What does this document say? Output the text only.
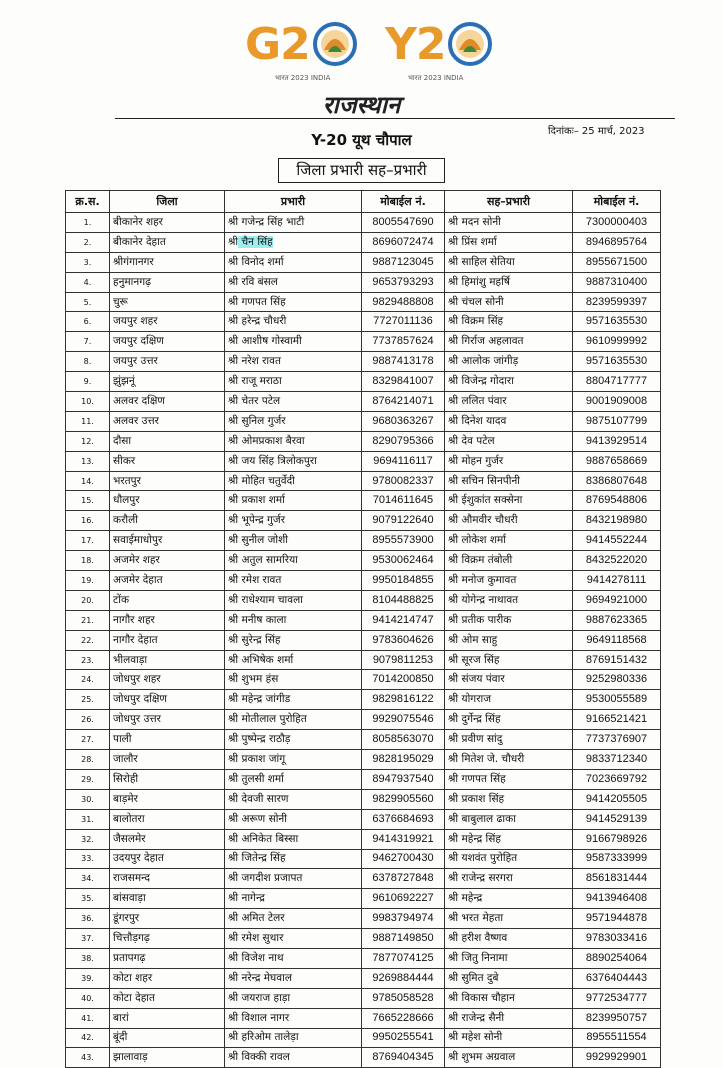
G2
भारत 2023 INDIA
Y2
भारत 2023 INDIA
राजस्थान
दिनांकः– 25 मार्च, 2023
Y-20 यूथ चौपाल
जिला प्रभारी सह–प्रभारी
क्र.स.	जिला	प्रभारी	मोबाईल नं.	सह–प्रभारी	मोबाईल नं.
1.	बीकानेर शहर	श्री गजेन्द्र सिंह भाटी	8005547690	श्री मदन सोनी	7300000403
2.	बीकानेर देहात	श्री चैन सिंह	8696072474	श्री प्रिंस शर्मा	8946895764
3.	श्रीगंगानगर	श्री विनोद शर्मा	9887123045	श्री साहिल सेतिया	8955671500
4.	हनुमानगढ़	श्री रवि बंसल	9653793293	श्री हिमांशु महर्षि	9887310400
5.	चुरू	श्री गणपत सिंह	9829488808	श्री चंचल सोनी	8239599397
6.	जयपुर शहर	श्री हरेन्द्र चौधरी	7727011136	श्री विक्रम सिंह	9571635530
7.	जयपुर दक्षिण	श्री आशीष गोस्वामी	7737857624	श्री गिर्राज अहलावत	9610999992
8.	जयपुर उत्तर	श्री नरेश रावत	9887413178	श्री आलोक जांगीड़	9571635530
9.	झुंझनूं	श्री राजू मराठा	8329841007	श्री विजेन्द्र गोदारा	8804717777
10.	अलवर दक्षिण	श्री चेतर पटेल	8764214071	श्री ललित पंवार	9001909008
11.	अलवर उत्तर	श्री सुनिल गुर्जर	9680363267	श्री दिनेश यादव	9875107799
12.	दौसा	श्री ओमप्रकाश बैरवा	8290795366	श्री देव पटेल	9413929514
13.	सीकर	श्री जय सिंह त्रिलोकपुरा	9694116117	श्री मोहन गुर्जर	9887658669
14.	भरतपुर	श्री मोहित चतुर्वेदी	9780082337	श्री सचिन सिनपीनी	8386807648
15.	धौलपुर	श्री प्रकाश शर्मा	7014611645	श्री ईशुकांत सक्सेना	8769548806
16.	करौली	श्री भूपेन्द्र गुर्जर	9079122640	श्री औमवीर चौधरी	8432198980
17.	सवाईमाधोपुर	श्री सुनील जोशी	8955573900	श्री लोकेश शर्मा	9414552244
18.	अजमेर शहर	श्री अतुल सामरिया	9530062464	श्री विक्रम तंबोली	8432522020
19.	अजमेर देहात	श्री रमेश रावत	9950184855	श्री मनोज कुमावत	9414278111
20.	टोंक	श्री राधेश्याम चावला	8104488825	श्री योगेन्द्र नाथावत	9694921000
21.	नागौर शहर	श्री मनीष काला	9414214747	श्री प्रतीक पारीक	9887623365
22.	नागौर देहात	श्री सुरेन्द्र सिंह	9783604626	श्री ओम साहु	9649118568
23.	भीलवाड़ा	श्री अभिषेक शर्मा	9079811253	श्री सूरज सिंह	8769151432
24.	जोधपुर शहर	श्री शुभम हंस	7014200850	श्री संजय पंवार	9252980336
25.	जोधपुर दक्षिण	श्री महेन्द्र जांगीड	9829816122	श्री योगराज	9530055589
26.	जोधपुर उत्तर	श्री मोतीलाल पुरोहित	9929075546	श्री दुर्गेन्द्र सिंह	9166521421
27.	पाली	श्री पुष्पेन्द्र राठौड़	8058563070	श्री प्रवीण सांदु	7737376907
28.	जालौर	श्री प्रकाश जांगू	9828195029	श्री मितेश जे. चौधरी	9833712340
29.	सिरोही	श्री तुलसी शर्मा	8947937540	श्री गणपत सिंह	7023669792
30.	बाड़मेर	श्री देवजी सारण	9829905560	श्री प्रकाश सिंह	9414205505
31.	बालोतरा	श्री अरूण सोनी	6376684693	श्री बाबुलाल ढाका	9414529139
32.	जैसलमेर	श्री अनिकेत बिस्सा	9414319921	श्री महेन्द्र सिंह	9166798926
33.	उदयपुर देहात	श्री जितेन्द्र सिंह	9462700430	श्री यशवंत पुरोहित	9587333999
34.	राजसमन्द	श्री जगदीश प्रजापत	6378727848	श्री राजेन्द्र सरगरा	8561831444
35.	बांसवाड़ा	श्री नागेन्द्र	9610692227	श्री महेन्द्र	9413946408
36.	डूंगरपुर	श्री अमित टेलर	9983794974	श्री भरत मेहता	9571944878
37.	चित्तौड़गढ़	श्री रमेश सुथार	9887149850	श्री हरीश वैष्णव	9783033416
38.	प्रतापगढ़	श्री विजेश नाथ	7877074125	श्री जितु निनामा	8890254064
39.	कोटा शहर	श्री नरेन्द्र मेघवाल	9269884444	श्री सुमित दुबे	6376404443
40.	कोटा देहात	श्री जयराज हाड़ा	9785058528	श्री विकास चौहान	9772534777
41.	बारां	श्री विशाल नागर	7665228666	श्री राजेन्द्र सैनी	8239950757
42.	बूंदी	श्री हरिओम तालेड़ा	9950255541	श्री महेश सोनी	8955511554
43.	झालावाड़	श्री विक्की रावल	8769404345	श्री शुभम अग्रवाल	9929929901
